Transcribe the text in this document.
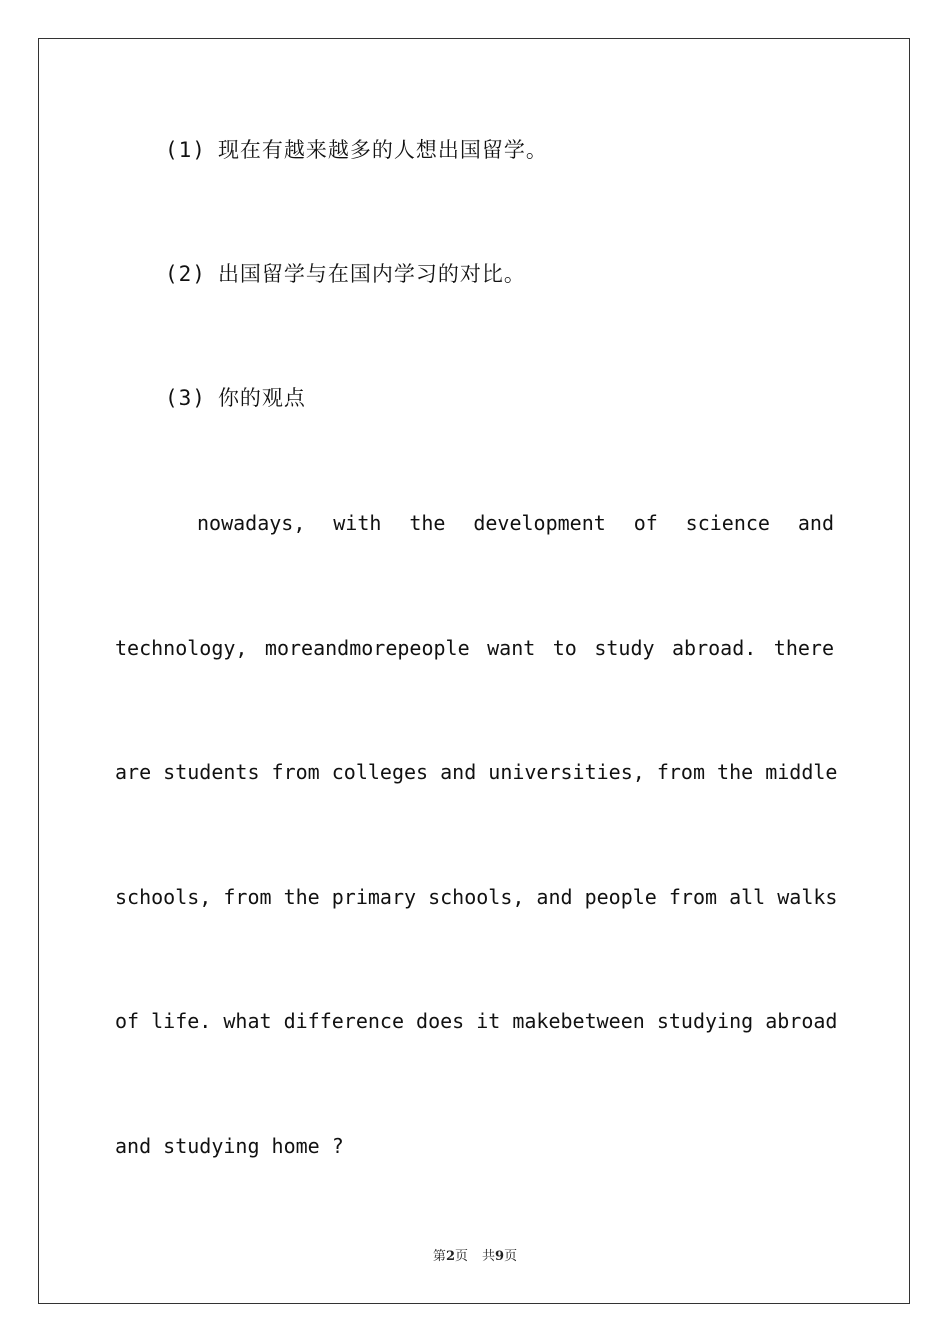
(1) 现在有越来越多的人想出国留学。
(2) 出国留学与在国内学习的对比。
(3) 你的观点
nowadays, with the development of science and
technology, moreandmorepeople want to study abroad. there
are students from colleges and universities, from the middle
schools, from the primary schools, and people from all walks
of life. what difference does it makebetween studying abroad
and studying home ?
第2页 共9页
